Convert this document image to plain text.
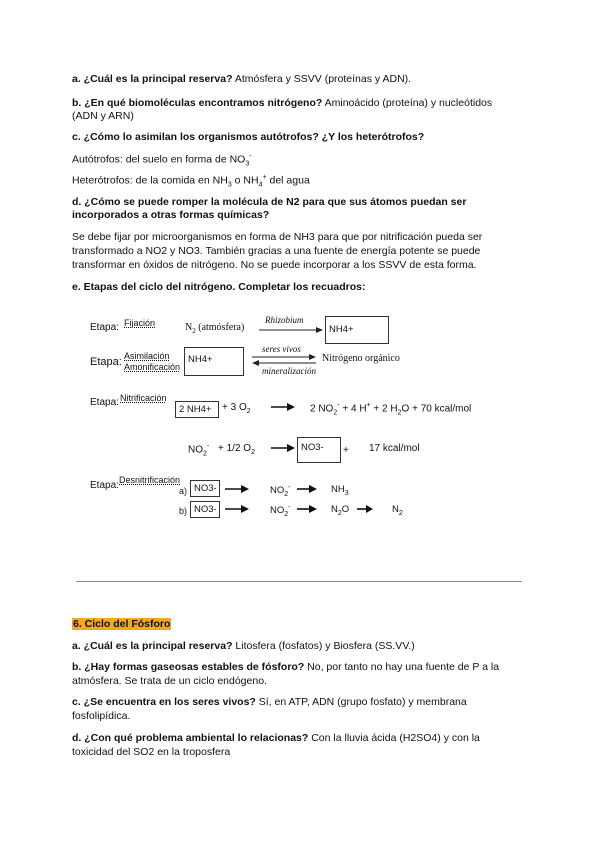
a. ¿Cuál es la principal reserva? Atmósfera y SSVV (proteínas y ADN).
b. ¿En qué biomoléculas encontramos nitrógeno? Aminoácido (proteína) y nucleótidos
(ADN y ARN)
c. ¿Cómo lo asimilan los organismos autótrofos? ¿Y los heterótrofos?
Autótrofos: del suelo en forma de $NO_3^-$
Heterótrofos: de la comida en $NH_3$ o $NH_4^+$ del agua
d. ¿Cómo se puede romper la molécula de N2 para que sus átomos puedan ser
incorporados a otras formas químicas?
Se debe fijar por microorganismos en forma de NH3 para que por nitrificación pueda ser
transformado a NO2 y NO3. También gracias a una fuente de energía potente se puede
transformar en óxidos de nitrógeno. No se puede incorporar a los SSVV de esta forma.
e. Etapas del ciclo del nitrógeno. Completar los recuadros:
Etapa: Fijación	$N_2$ (atmósfera)
Rhizobium
NH4+
Etapa: Asimilación
Amonificación
NH4+
seres vivos
mineralización
Nitrógeno orgánico
Etapa: Nitrificación
2 NH4+	+ 3 $O_2$	2 $NO_2^- + 4$ H+ + 2 $H_2O + 70$ kcal/mol
$NO_2^- + 1/2$ $O_2$	NO3-	+ 17 kcal/mol
Etapa: Desnitrificación
a) NO3-	$NO_2^-$	$NH_3$
b) NO3-	$NO_2^-$	$N_2O$	$N_2$
6. Ciclo del Fósforo
a. ¿Cuál es la principal reserva? Litosfera (fosfatos) y Biosfera (SS.VV.)
b. ¿Hay formas gaseosas estables de fósforo? No, por tanto no hay una fuente de P a la
atmósfera. Se trata de un ciclo endógeno.
c. ¿Se encuentra en los seres vivos? Sí, en ATP, ADN (grupo fosfato) y membrana
fosfolipídica.
d. ¿Con qué problema ambiental lo relacionas? Con la lluvia ácida (H2SO4) y con la
toxicidad del SO2 en la troposfera
